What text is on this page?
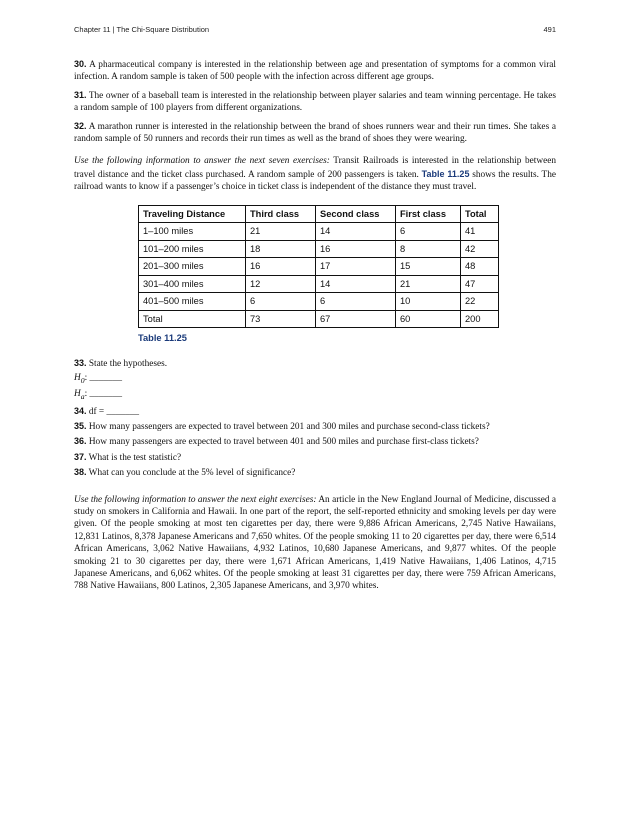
Chapter 11 | The Chi-Square Distribution	491

30. A pharmaceutical company is interested in the relationship between age and presentation of symptoms for a common viral infection. A random sample is taken of 500 people with the infection across different age groups.

31. The owner of a baseball team is interested in the relationship between player salaries and team winning percentage. He takes a random sample of 100 players from different organizations.

32. A marathon runner is interested in the relationship between the brand of shoes runners wear and their run times. She takes a random sample of 50 runners and records their run times as well as the brand of shoes they were wearing.

Use the following information to answer the next seven exercises: Transit Railroads is interested in the relationship between travel distance and the ticket class purchased. A random sample of 200 passengers is taken. Table 11.25 shows the results. The railroad wants to know if a passenger’s choice in ticket class is independent of the distance they must travel.

Traveling Distance	Third class	Second class	First class	Total
1–100 miles	21	14	6	41
101–200 miles	18	16	8	42
201–300 miles	16	17	15	48
301–400 miles	12	14	21	47
401–500 miles	6	6	10	22
Total	73	67	60	200
Table 11.25

33. State the hypotheses.

$H_0$: _______

$H_a$: _______

34. df = _______

35. How many passengers are expected to travel between 201 and 300 miles and purchase second-class tickets?

36. How many passengers are expected to travel between 401 and 500 miles and purchase first-class tickets?

37. What is the test statistic?

38. What can you conclude at the 5% level of significance?

Use the following information to answer the next eight exercises: An article in the New England Journal of Medicine, discussed a study on smokers in California and Hawaii. In one part of the report, the self-reported ethnicity and smoking levels per day were given. Of the people smoking at most ten cigarettes per day, there were 9,886 African Americans, 2,745 Native Hawaiians, 12,831 Latinos, 8,378 Japanese Americans and 7,650 whites. Of the people smoking 11 to 20 cigarettes per day, there were 6,514 African Americans, 3,062 Native Hawaiians, 4,932 Latinos, 10,680 Japanese Americans, and 9,877 whites. Of the people smoking 21 to 30 cigarettes per day, there were 1,671 African Americans, 1,419 Native Hawaiians, 1,406 Latinos, 4,715 Japanese Americans, and 6,062 whites. Of the people smoking at least 31 cigarettes per day, there were 759 African Americans, 788 Native Hawaiians, 800 Latinos, 2,305 Japanese Americans, and 3,970 whites.
